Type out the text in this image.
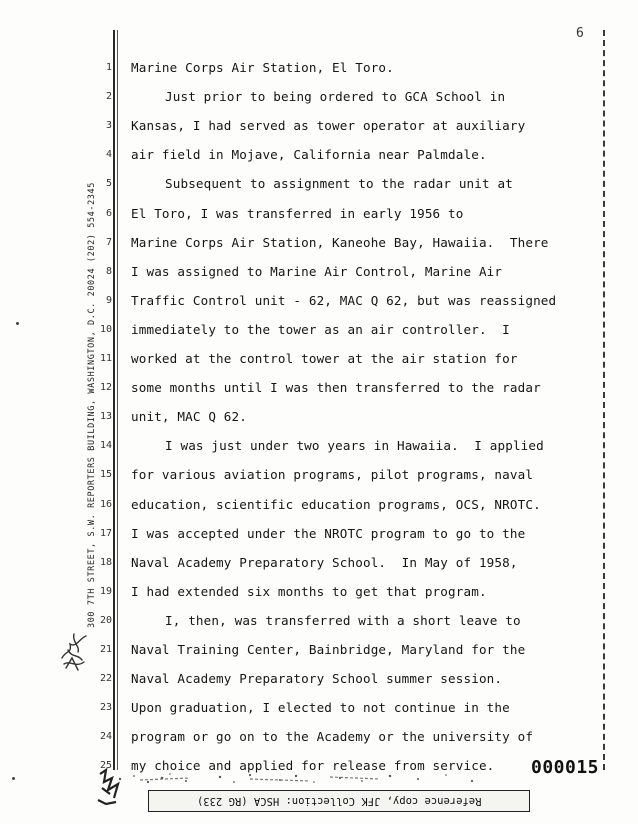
6
300 7TH STREET, S.W. REPORTERS BUILDING, WASHINGTON, D.C. 20024 (202) 554-2345
1
2
3
4
5
6
7
8
9
10
11
12
13
14
15
16
17
18
19
20
21
22
23
24
25
Marine Corps Air Station, El Toro.
Just prior to being ordered to GCA School in
Kansas, I had served as tower operator at auxiliary
air field in Mojave, California near Palmdale.
Subsequent to assignment to the radar unit at
El Toro, I was transferred in early 1956 to
Marine Corps Air Station, Kaneohe Bay, Hawaiia.  There
I was assigned to Marine Air Control, Marine Air
Traffic Control unit - 62, MAC Q 62, but was reassigned
immediately to the tower as an air controller.  I
worked at the control tower at the air station for
some months until I was then transferred to the radar
unit, MAC Q 62.
I was just under two years in Hawaiia.  I applied
for various aviation programs, pilot programs, naval
education, scientific education programs, OCS, NROTC.
I was accepted under the NROTC program to go to the
Naval Academy Preparatory School.  In May of 1958,
I had extended six months to get that program.
I, then, was transferred with a short leave to
Naval Training Center, Bainbridge, Maryland for the
Naval Academy Preparatory School summer session.
Upon graduation, I elected to not continue in the
program or go on to the Academy or the university of
my choice and applied for release from service. 000015
Reference copy, JFK Collection: HSCA (RG 233)
